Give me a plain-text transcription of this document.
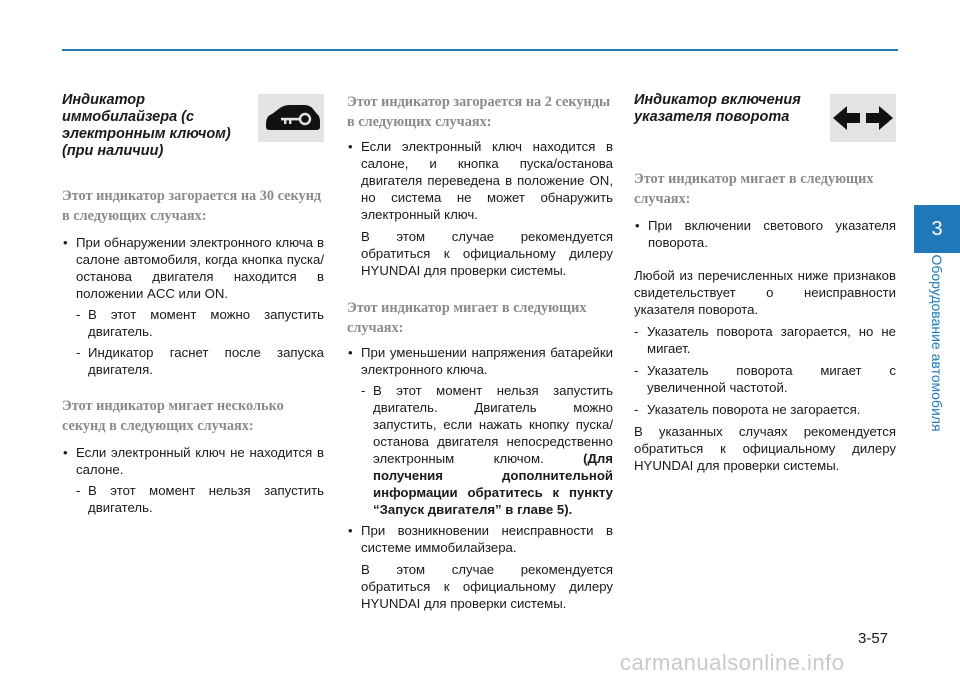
Индикатор иммобилайзера (с электронным ключом) (при наличии)
Этот индикатор загорается на 30 секунд в следующих случаях:
• При обнаружении электронного ключа в салоне автомобиля, когда кнопка пуска/останова двигателя находится в положении ACC или ON.
- В этот момент можно запустить двигатель.
- Индикатор гаснет после запуска двигателя.
Этот индикатор мигает несколько секунд в следующих случаях:
• Если электронный ключ не находится в салоне.
- В этот момент нельзя запустить двигатель.
Этот индикатор загорается на 2 секунды в следующих случаях:
• Если электронный ключ находится в салоне, и кнопка пуска/останова двигателя переведена в положение ON, но система не может обнаружить электронный ключ.
В этом случае рекомендуется обратиться к официальному дилеру HYUNDAI для проверки системы.
Этот индикатор мигает в следующих случаях:
• При уменьшении напряжения батарейки электронного ключа.
- В этот момент нельзя запустить двигатель. Двигатель можно запустить, если нажать кнопку пуска/останова двигателя непосредственно электронным ключом.	(Для получения дополнительной информации обратитесь к пункту “Запуск двигателя” в главе 5).
• При возникновении неисправности в системе иммобилайзера.
В этом случае рекомендуется обратиться к официальному дилеру HYUNDAI для проверки системы.
Индикатор включения указателя поворота
Этот индикатор мигает в следующих случаях:
• При включении светового указателя поворота.
Любой из перечисленных ниже признаков свидетельствует о неисправности указателя поворота.
- Указатель поворота загорается, но не мигает.
- Указатель поворота мигает с увеличенной частотой.
- Указатель поворота не загорается.
В указанных случаях рекомендуется обратиться к официальному дилеру HYUNDAI для проверки системы.
3
Оборудование автомобиля
3-57
carmanualsonline.info
